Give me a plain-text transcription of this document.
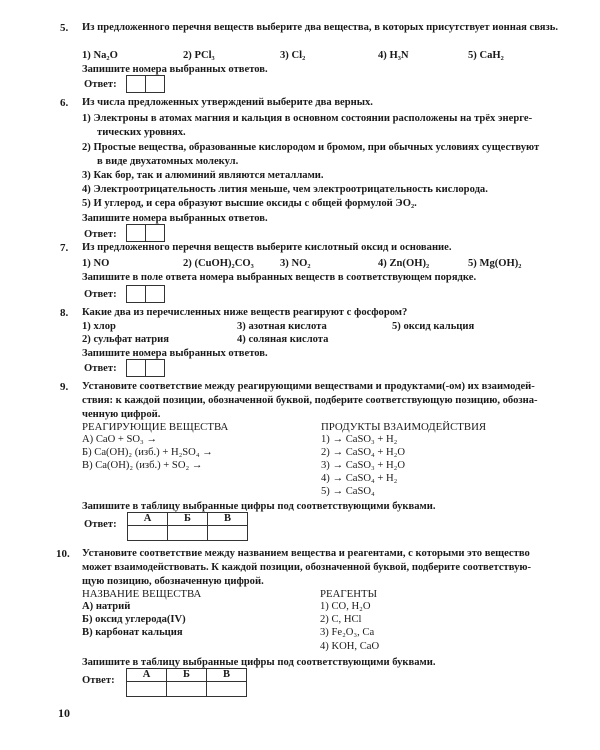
5. Из предложенного перечня веществ выберите два вещества, в которых присутствует ионная связь.
1) Na₂O	2) PCl₃	3) Cl₂	4) H₃N	5) CaH₂
Запишите номера выбранных ответов.
Ответ:
6. Из числа предложенных утверждений выберите два верных.
1) Электроны в атомах магния и кальция в основном состоянии расположены на трёх энерге-
тических уровнях.
2) Простые вещества, образованные кислородом и бромом, при обычных условиях существуют
в виде двухатомных молекул.
3) Как бор, так и алюминий являются металлами.
4) Электроотрицательность лития меньше, чем электроотрицательность кислорода.
5) И углерод, и сера образуют высшие оксиды с общей формулой ЭО₂.
Запишите номера выбранных ответов.
Ответ:
7. Из предложенного перечня веществ выберите кислотный оксид и основание.
1) NO	2) (CuOH)₂CO₃ 3) NO₂	4) Zn(OH)₂	5) Mg(OH)₂
Запишите в поле ответа номера выбранных веществ в соответствующем порядке.
Ответ:
8. Какие два из перечисленных ниже веществ реагируют с фосфором?
1) хлор
2) сульфат натрия
3) азотная кислота
4) соляная кислота
5) оксид кальция
Запишите номера выбранных ответов.
Ответ:
9. Установите соответствие между реагирующими веществами и продуктами(-ом) их взаимодей-
ствия: к каждой позиции, обозначенной буквой, подберите соответствующую позицию, обозна-
ченную цифрой.
РЕАГИРУЮЩИЕ ВЕЩЕСТВА	ПРОДУКТЫ ВЗАИМОДЕЙСТВИЯ
А) CaO + SO₃ →
Б) Ca(OH)₂ (изб.) + H₂SO₄ →
В) Ca(OH)₂ (изб.) + SO₂ →
1) → CaSO₃ + H₂
2) → CaSO₄ + H₂O
3) → CaSO₃ + H₂O
4) → CaSO₄ + H₂
5) → CaSO₄
Запишите в таблицу выбранные цифры под соответствующими буквами.
Ответ:
А	Б	В

10. Установите соответствие между названием вещества и реагентами, с которыми это вещество
может взаимодействовать. К каждой позиции, обозначенной буквой, подберите соответствую-
щую позицию, обозначенную цифрой.
НАЗВАНИЕ ВЕЩЕСТВА	РЕАГЕНТЫ
А) натрий
Б) оксид углерода(IV)
В) карбонат кальция
1) CO, H₂O
2) C, HCl
3) Fe₂O₃, Ca
4) KOH, CaO
Запишите в таблицу выбранные цифры под соответствующими буквами.
Ответ:
А	Б	В

10
